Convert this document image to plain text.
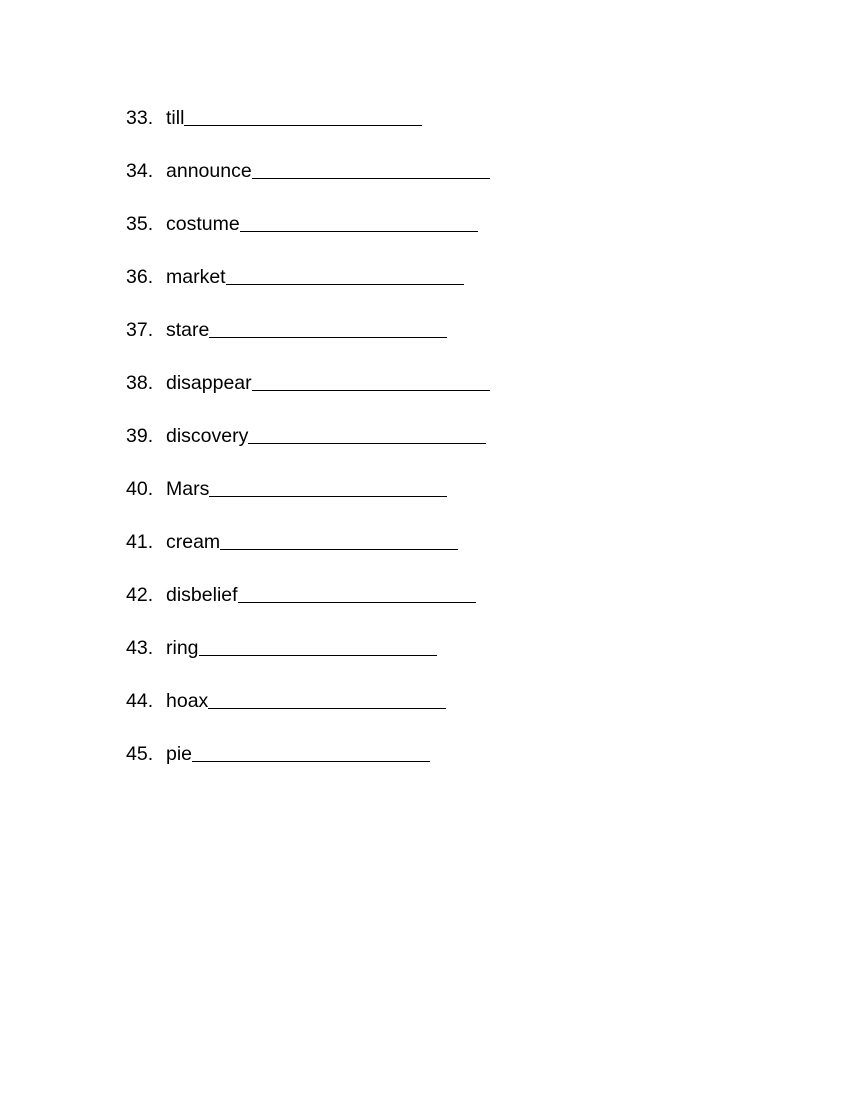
33. till
34. announce
35. costume
36. market
37. stare
38. disappear
39. discovery
40. Mars
41. cream
42. disbelief
43. ring
44. hoax
45. pie
